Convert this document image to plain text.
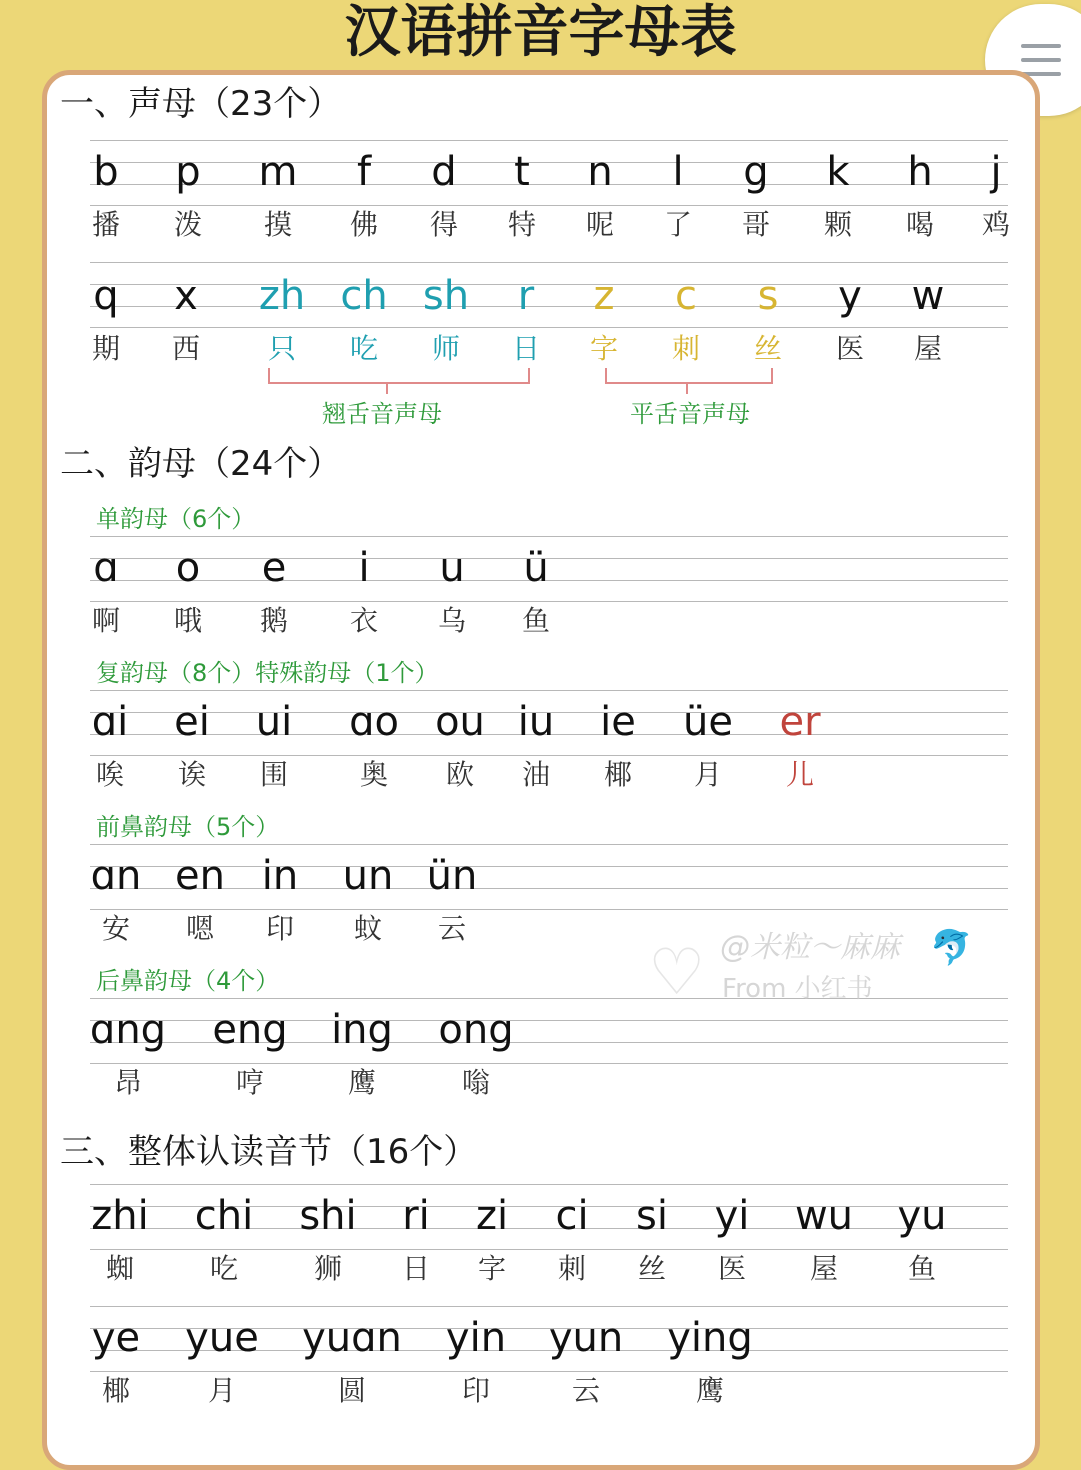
汉语拼音字母表
一、声母（23个）
b p m f d t n l g k h j
播 泼 摸 佛 得 特 呢 了 哥 颗 喝 鸡
q x zh ch sh r z c s y w
期 西 只 吃 师 日 字 刺 丝 医 屋
翘舌音声母	平舌音声母
二、韵母（24个）
单韵母（6个）
ɑ o e i u ü
啊 哦 鹅 衣 乌 鱼
复韵母（8个）特殊韵母（1个）
ɑi ei ui ɑo ou iu ie üe er
唉 诶 围	奥 欧 油 椰 月 儿
前鼻韵母（5个）
ɑn en in un ün
安 嗯 印 蚊 云
后鼻韵母（4个）
ɑng eng ing ong
昂	哼	鹰	嗡
三、整体认读音节（16个）
zhi chi shi ri zi ci si yi wu yu
蜘	吃	狮 日 字 刺 丝 医 屋 鱼
ye yue yuɑn yin yun ying
椰	月	圆	印	云	鹰
♡ @米粒～麻麻
From 小红书
🐬
